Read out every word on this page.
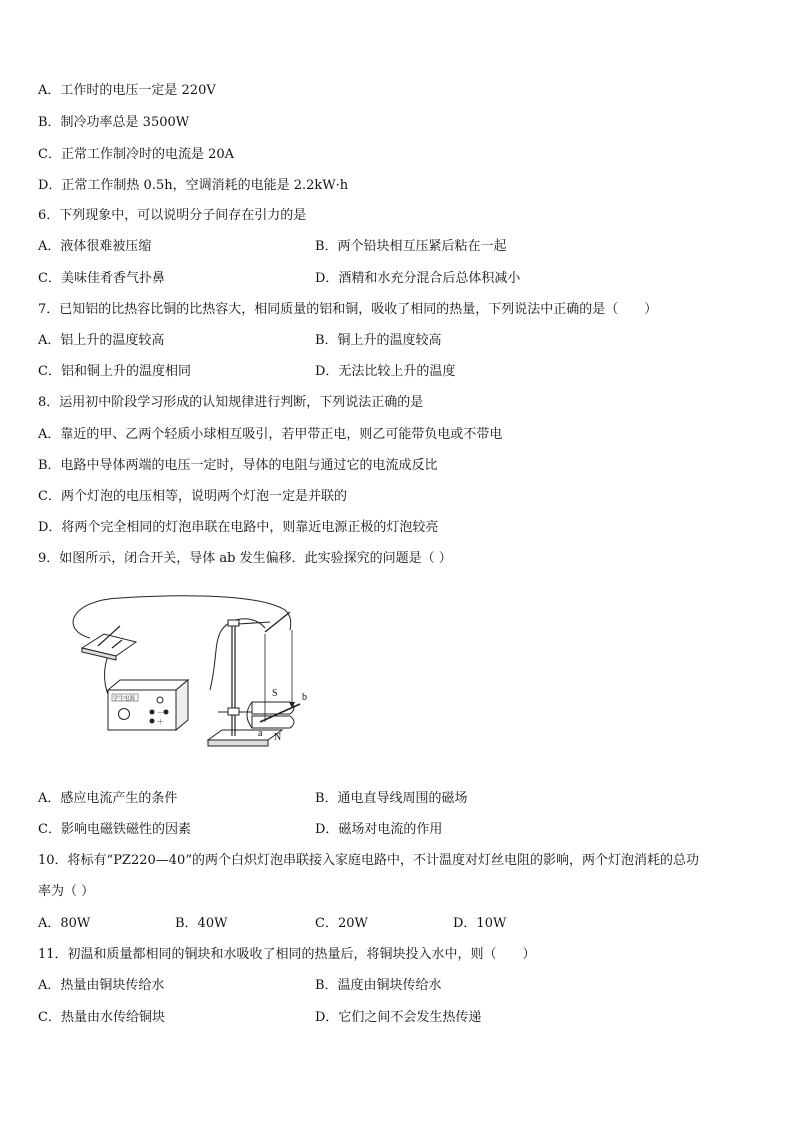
A．工作时的电压一定是 220V
B．制冷功率总是 3500W
C．正常工作制冷时的电流是 20A
D．正常工作制热 0.5h，空调消耗的电能是 2.2kW·h
6．下列现象中，可以说明分子间存在引力的是
A．液体很难被压缩	B．两个铅块相互压紧后粘在一起
C．美味佳肴香气扑鼻	D．酒精和水充分混合后总体积减小
7．已知铝的比热容比铜的比热容大，相同质量的铝和铜，吸收了相同的热量，下列说法中正确的是（　　）
A．铝上升的温度较高	B．铜上升的温度较高
C．铝和铜上升的温度相同	D．无法比较上升的温度
8．运用初中阶段学习形成的认知规律进行判断，下列说法正确的是
A．靠近的甲、乙两个轻质小球相互吸引，若甲带正电，则乙可能带负电或不带电
B．电路中导体两端的电压一定时，导体的电阻与通过它的电流成反比
C．两个灯泡的电压相等，说明两个灯泡一定是并联的
D．将两个完全相同的灯泡串联在电路中，则靠近电源正极的灯泡较亮
9．如图所示，闭合开关，导体 ab 发生偏移．此实验探究的问题是（ ）
学生电源
－
＋
S
N
a
b
A．感应电流产生的条件	B．通电直导线周围的磁场
C．影响电磁铁磁性的因素	D．磁场对电流的作用
10．将标有“PZ220—40”的两个白炽灯泡串联接入家庭电路中，不计温度对灯丝电阻的影响，两个灯泡消耗的总功
率为（ ）
A．80W	B．40W	C．20W	D．10W
11．初温和质量都相同的铜块和水吸收了相同的热量后，将铜块投入水中，则（　　）
A．热量由铜块传给水	B．温度由铜块传给水
C．热量由水传给铜块	D．它们之间不会发生热传递
